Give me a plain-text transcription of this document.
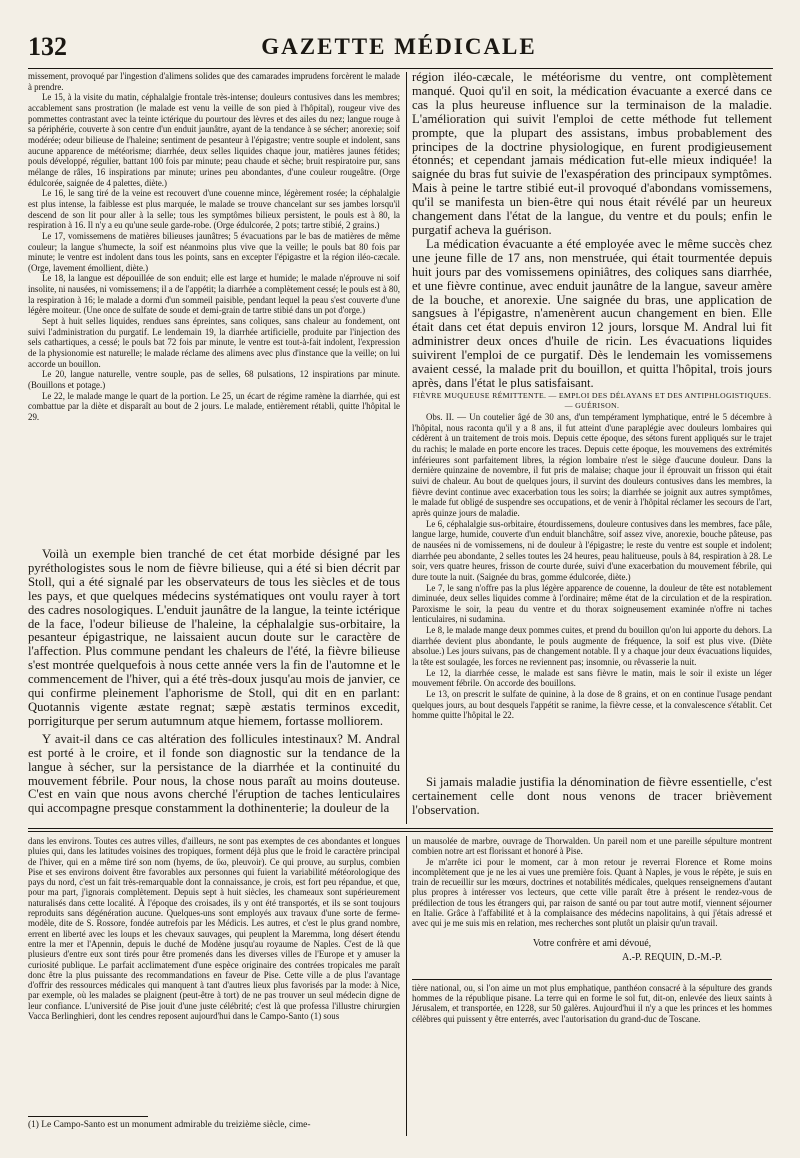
132	GAZETTE MÉDICALE

missement, provoqué par l'ingestion d'alimens solides que des camarades imprudens forcèrent le malade à prendre.

Le 15, à la visite du matin, céphalalgie frontale très-intense; douleurs contusives dans les membres; accablement sans prostration (le malade est venu la veille de son pied à l'hôpital), rougeur vive des pommettes contrastant avec la teinte ictérique du pourtour des lèvres et des ailes du nez; langue rouge à sa périphérie, couverte à son centre d'un enduit jaunâtre, ayant de la tendance à se sécher; anorexie; soif modérée; odeur bilieuse de l'haleine; sentiment de pesanteur à l'épigastre; ventre souple et indolent, sans aucune apparence de météorisme; diarrhée, deux selles liquides chaque jour, matières jaunes fétides; pouls développé, régulier, battant 100 fois par minute; peau chaude et sèche; bruit respiratoire pur, sans mélange de râles, 16 inspirations par minute; urines peu abondantes, d'une couleur rougeâtre. (Orge édulcorée, saignée de 4 palettes, diète.)

Le 16, le sang tiré de la veine est recouvert d'une couenne mince, légèrement rosée; la céphalalgie est plus intense, la faiblesse est plus marquée, le malade se trouve chancelant sur ses jambes lorsqu'il descend de son lit pour aller à la selle; tous les symptômes bilieux persistent, le pouls est à 80, la respiration à 16. Il n'y a eu qu'une seule garde-robe. (Orge édulcorée, 2 pots; tartre stibié, 2 grains.)

Le 17, vomissemens de matières bilieuses jaunâtres; 5 évacuations par le bas de matières de même couleur; la langue s'humecte, la soif est néanmoins plus vive que la veille; le pouls bat 80 fois par minute; le ventre est indolent dans tous les points, sans en excepter l'épigastre et la région iléo-cæcale. (Orge, lavement émollient, diète.)

Le 18, la langue est dépouillée de son enduit; elle est large et humide; le malade n'éprouve ni soif insolite, ni nausées, ni vomissemens; il a de l'appétit; la diarrhée a complètement cessé; le pouls est à 80, la respiration à 16; le malade a dormi d'un sommeil paisible, pendant lequel la peau s'est couverte d'une légère moiteur. (Une once de sulfate de soude et demi-grain de tartre stibié dans un pot d'orge.)

Sept à huit selles liquides, rendues sans épreintes, sans coliques, sans chaleur au fondement, ont suivi l'administration du purgatif. Le lendemain 19, la diarrhée artificielle, produite par l'injection des sels cathartiques, a cessé; le pouls bat 72 fois par minute, le ventre est tout-à-fait indolent, l'expression de la physionomie est naturelle; le malade réclame des alimens avec plus d'instance que la veille; on lui accorde un bouillon.

Le 20, langue naturelle, ventre souple, pas de selles, 68 pulsations, 12 inspirations par minute. (Bouillons et potage.)

Le 22, le malade mange le quart de la portion. Le 25, un écart de régime ramène la diarrhée, qui est combattue par la diète et disparaît au bout de 2 jours. Le malade, entièrement rétabli, quitte l'hôpital le 29.

Voilà un exemple bien tranché de cet état morbide désigné par les pyréthologistes sous le nom de fièvre bilieuse, qui a été si bien décrit par Stoll, qui a été signalé par les observateurs de tous les siècles et de tous les pays, et que quelques médecins systématiques ont voulu rayer à tort des cadres nosologiques. L'enduit jaunâtre de la langue, la teinte ictérique de la face, l'odeur bilieuse de l'haleine, la céphalalgie sus-orbitaire, la pesanteur épigastrique, ne laissaient aucun doute sur le caractère de l'affection. Plus commune pendant les chaleurs de l'été, la fièvre bilieuse s'est montrée quelquefois à nous cette année vers la fin de l'automne et le commencement de l'hiver, qui a été très-doux jusqu'au mois de janvier, ce qui confirme pleinement l'aphorisme de Stoll, qui dit en en parlant: Quotannis vigente æstate regnat; sæpè æstatis terminos excedit, porrigiturque per serum autumnum atque hiemem, fortasse molliorem.

Y avait-il dans ce cas altération des follicules intestinaux? M. Andral est porté à le croire, et il fonde son diagnostic sur la tendance de la langue à sécher, sur la persistance de la diarrhée et la continuité du mouvement fébrile. Pour nous, la chose nous paraît au moins douteuse. C'est en vain que nous avons cherché l'éruption de taches lenticulaires qui accompagne presque constamment la dothinenterie; la douleur de la

région iléo-cæcale, le météorisme du ventre, ont complètement manqué. Quoi qu'il en soit, la médication évacuante a exercé dans ce cas la plus heureuse influence sur la terminaison de la maladie. L'amélioration qui suivit l'emploi de cette méthode fut tellement prompte, que la plupart des assistans, imbus probablement des principes de la doctrine physiologique, en furent prodigieusement étonnés; et cependant jamais médication fut-elle mieux indiquée! la saignée du bras fut suivie de l'exaspération des principaux symptômes. Mais à peine le tartre stibié eut-il provoqué d'abondans vomissemens, qu'il se manifesta un bien-être qui nous était révélé par un heureux changement dans l'état de la langue, du ventre et du pouls; enfin le purgatif acheva la guérison.

La médication évacuante a été employée avec le même succès chez une jeune fille de 17 ans, non menstruée, qui était tourmentée depuis huit jours par des vomissemens opiniâtres, des coliques sans diarrhée, et une fièvre continue, avec enduit jaunâtre de la langue, saveur amère de la bouche, et anorexie. Une saignée du bras, une application de sangsues à l'épigastre, n'amenèrent aucun changement en bien. Elle était dans cet état depuis environ 12 jours, lorsque M. Andral lui fit administrer deux onces d'huile de ricin. Les évacuations liquides suivirent l'emploi de ce purgatif. Dès le lendemain les vomissemens avaient cessé, la malade prit du bouillon, et quitta l'hôpital, trois jours après, dans l'état le plus satisfaisant.

FIÈVRE MUQUEUSE RÉMITTENTE. — EMPLOI DES DÉLAYANS ET DES ANTIPHLOGISTIQUES. — GUÉRISON.

Obs. II. — Un coutelier âgé de 30 ans, d'un tempérament lymphatique, entré le 5 décembre à l'hôpital, nous raconta qu'il y a 8 ans, il fut atteint d'une paraplégie avec douleurs lombaires qui cédèrent à un traitement de trois mois. Depuis cette époque, des sétons furent appliqués sur le trajet du rachis; le malade en porte encore les traces. Depuis cette époque, les mouvemens des extrémités inférieures sont parfaitement libres, la région lombaire n'est le siège d'aucune douleur. Dans la dernière quinzaine de novembre, il fut pris de malaise; chaque jour il éprouvait un frisson qui était suivi de chaleur. Au bout de quelques jours, il survint des douleurs contusives dans les membres, la fièvre devint continue avec exacerbation tous les soirs; la diarrhée se joignit aux autres symptômes, le malade fut obligé de suspendre ses occupations, et de venir à l'hôpital réclamer les secours de l'art, après quinze jours de maladie.

Le 6, céphalalgie sus-orbitaire, étourdissemens, douleure contusives dans les membres, face pâle, langue large, humide, couverte d'un enduit blanchâtre, soif assez vive, anorexie, bouche pâteuse, pas de nausées ni de vomissemens, ni de douleur à l'épigastre; le reste du ventre est souple et indolent; diarrhée peu abondante, 2 selles toutes les 24 heures, peau halitueuse, pouls à 84, respiration à 28. Le soir, vers quatre heures, frisson de courte durée, suivi d'une exacerbation du mouvement fébrile, qui dure toute la nuit. (Saignée du bras, gomme édulcorée, diète.)

Le 7, le sang n'offre pas la plus légère apparence de couenne, la douleur de tête est notablement diminuée, deux selles liquides comme à l'ordinaire; même état de la circulation et de la respiration. Paroxisme le soir, la peau du ventre et du thorax soigneusement examinée n'offre ni taches lenticulaires, ni sudamina.

Le 8, le malade mange deux pommes cuites, et prend du bouillon qu'on lui apporte du dehors. La diarrhée devient plus abondante, le pouls augmente de fréquence, la soif est plus vive. (Diète absolue.) Les jours suivans, pas de changement notable. Il y a chaque jour deux évacuations liquides, la tête est soulagée, les forces ne reviennent pas; insomnie, ou rêvasserie la nuit.

Le 12, la diarrhée cesse, le malade est sans fièvre le matin, mais le soir il existe un léger mouvement fébrile. On accorde des bouillons.

Le 13, on prescrit le sulfate de quinine, à la dose de 8 grains, et on en continue l'usage pendant quelques jours, au bout desquels l'appétit se ranime, la fièvre cesse, et la convalescence s'établit. Cet homme quitte l'hôpital le 22.

Si jamais maladie justifia la dénomination de fièvre essentielle, c'est certainement celle dont nous venons de tracer brièvement l'observation.

dans les environs. Toutes ces autres villes, d'ailleurs, ne sont pas exemptes de ces abondantes et longues pluies qui, dans les latitudes voisines des tropiques, forment déjà plus que le froid le caractère principal de l'hiver, qui en a même tiré son nom (hyems, de ὕω, pleuvoir). Ce qui prouve, au surplus, combien Pise et ses environs doivent être favorables aux personnes qui fuient la variabilité météorologique des pays du nord, c'est un fait très-remarquable dont la connaissance, je crois, est fort peu répandue, et que, pour ma part, j'ignorais complètement. Depuis sept à huit siècles, les chameaux sont supérieurement naturalisés dans cette localité. À l'époque des croisades, ils y ont été transportés, et ils se sont toujours reproduits sans dégénération aucune. Quelques-uns sont employés aux travaux d'une sorte de ferme-modèle, dite de S. Rossore, fondée autrefois par les Médicis. Les autres, et c'est le plus grand nombre, errent en liberté avec les loups et les chevaux sauvages, qui peuplent la Maremma, long désert étendu entre la mer et l'Apennin, depuis le duché de Modène jusqu'au royaume de Naples. C'est de là que plusieurs d'entre eux sont tirés pour être promenés dans les diverses villes de l'Europe et y amuser la curiosité publique. Le parfait acclimatement d'une espèce originaire des contrées tropicales me paraît donc être la plus puissante des recommandations en faveur de Pise. Cette ville a de plus l'avantage d'offrir des ressources médicales qui manquent à tant d'autres lieux plus favorisés par la mode: à Nice, par exemple, où les malades se plaignent (peut-être à tort) de ne pas trouver un seul médecin digne de leur confiance. L'université de Pise jouit d'une juste célébrité; c'est là que professa l'illustre chirurgien Vacca Berlinghieri, dont les cendres reposent aujourd'hui dans le Campo-Santo (1) sous

(1) Le Campo-Santo est un monument admirable du treizième siècle, cime-

un mausolée de marbre, ouvrage de Thorwalden. Un pareil nom et une pareille sépulture montrent combien notre art est florissant et honoré à Pise.

Je m'arrête ici pour le moment, car à mon retour je reverrai Florence et Rome moins incomplètement que je ne les ai vues une première fois. Quant à Naples, je vous le répète, je suis en train de recueillir sur les mœurs, doctrines et notabilités médicales, quelques renseignemens d'autant plus propres à intéresser vos lecteurs, que cette ville paraît être à présent le rendez-vous de prédilection de tous les étrangers qui, par raison de santé ou par tout autre motif, viennent séjourner en Italie. Grâce à l'affabilité et à la complaisance des médecins napolitains, à qui j'étais adressé et avec qui je me suis mis en relation, mes recherches sont plutôt un plaisir qu'un travail.

Votre confrère et ami dévoué,

A.-P. REQUIN, D.-M.-P.

tière national, ou, si l'on aime un mot plus emphatique, panthéon consacré à la sépulture des grands hommes de la république pisane. La terre qui en forme le sol fut, dit-on, enlevée des lieux saints à Jérusalem, et transportée, en 1228, sur 50 galères. Aujourd'hui il n'y a que les princes et les hommes célèbres qui puissent y être enterrés, avec l'autorisation du grand-duc de Toscane.
